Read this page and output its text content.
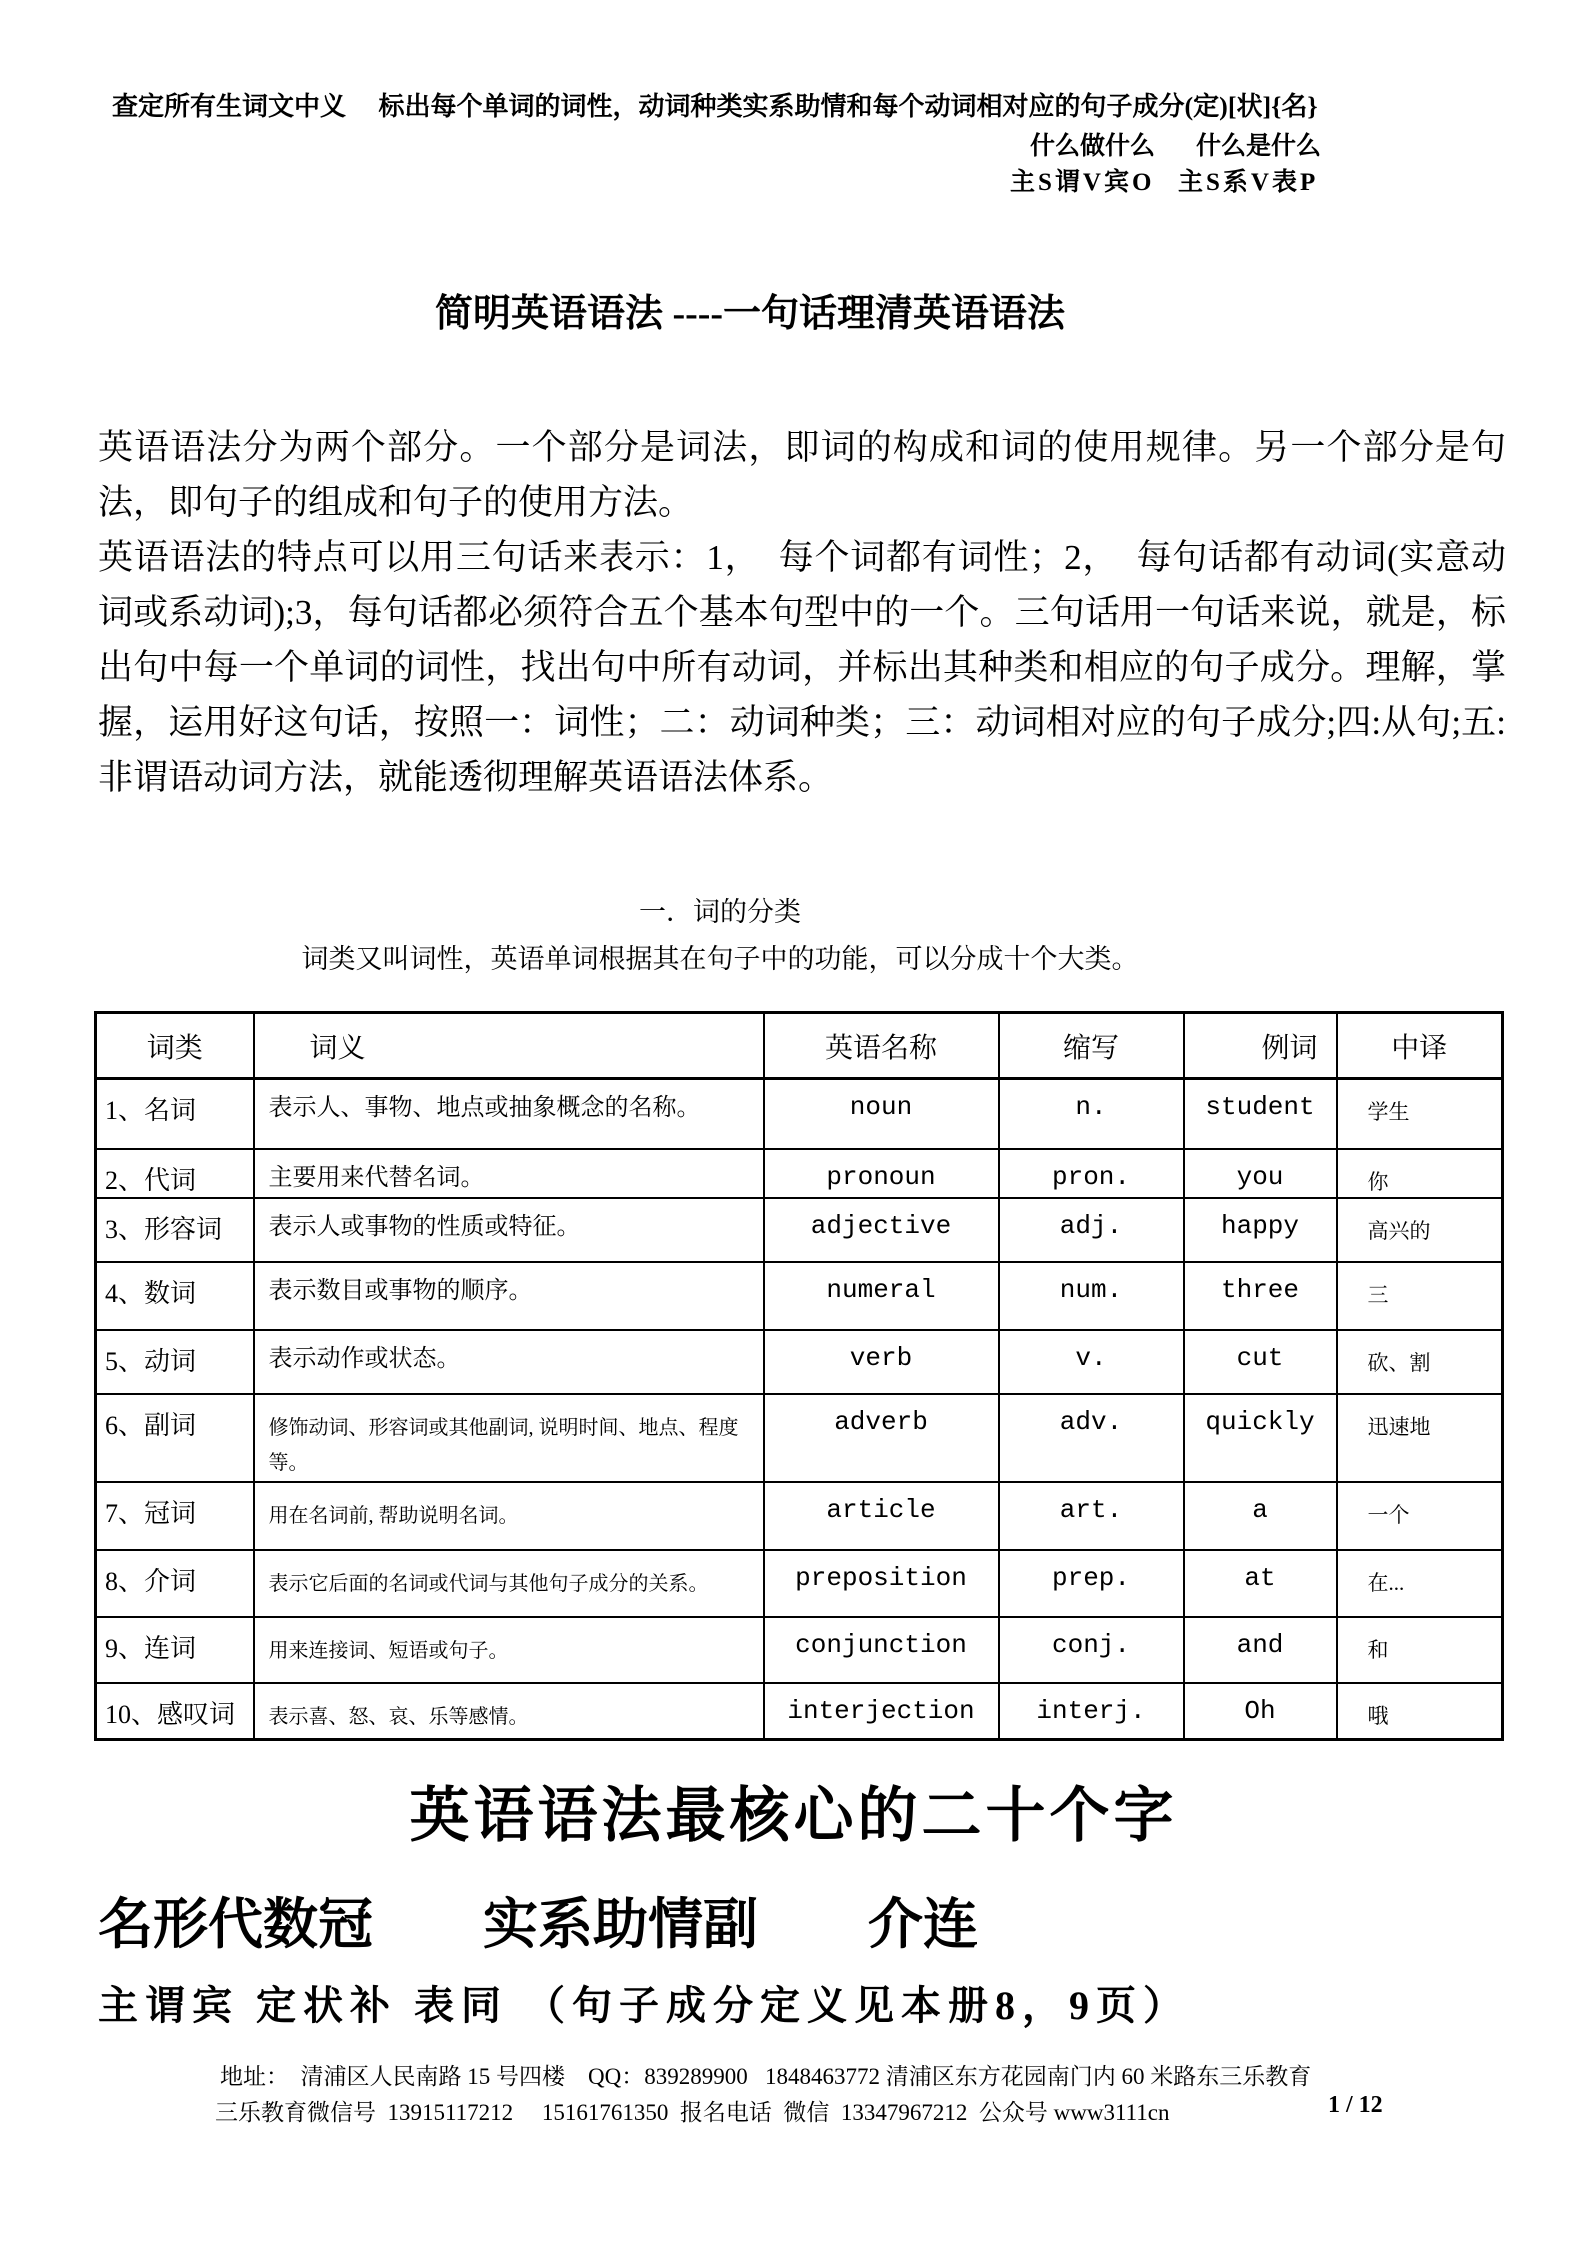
查定所有生词文中义　 标出每个单词的词性，动词种类实系助情和每个动词相对应的句子成分(定)[状]{名}
什么做什么 什么是什么
主S谓V宾O 主S系V表P
简明英语语法 ----一句话理清英语语法

英语语法分为两个部分。一个部分是词法，即词的构成和词的使用规律。另一个部分是句法，即句子的组成和句子的使用方法。

英语语法的特点可以用三句话来表示：1，　每个词都有词性；2，　每句话都有动词(实意动词或系动词);3，每句话都必须符合五个基本句型中的一个。三句话用一句话来说，就是，标出句中每一个单词的词性，找出句中所有动词，并标出其种类和相应的句子成分。理解，掌握，运用好这句话，按照一：词性；二：动词种类；三：动词相对应的句子成分;四:从句;五:非谓语动词方法，就能透彻理解英语语法体系。

一．词的分类
词类又叫词性，英语单词根据其在句子中的功能，可以分成十个大类。
词类	词义	英语名称	缩写	例词	中译
1、名词	表示人、事物、地点或抽象概念的名称。	noun	n.	student	学生
2、代词	主要用来代替名词。	pronoun	pron.	you	你
3、形容词	表示人或事物的性质或特征。	adjective	adj.	happy	高兴的
4、数词	表示数目或事物的顺序。	numeral	num.	three	三
5、动词	表示动作或状态。	verb	v.	cut	砍、割
6、副词	修饰动词、形容词或其他副词, 说明时间、地点、程度等。	adverb	adv.	quickly	迅速地
7、冠词	用在名词前, 帮助说明名词。	article	art.	a	一个
8、介词	表示它后面的名词或代词与其他句子成分的关系。	preposition	prep.	at	在...
9、连词	用来连接词、短语或句子。	conjunction	conj.	and	和
10、感叹词	表示喜、怒、哀、乐等感情。	interjection	interj.	Oh	哦
英语语法最核心的二十个字
名形代数冠　　实系助情副　　介连
主谓宾 定状补 表同 （句子成分定义见本册8，9页）
地址：  清浦区人民南路 15 号四楼    QQ：839289900   1848463772 清浦区东方花园南门内 60 米路东三乐教育
三乐教育微信号  13915117212     15161761350  报名电话  微信  13347967212  公众号 www3111cn	1 / 12
